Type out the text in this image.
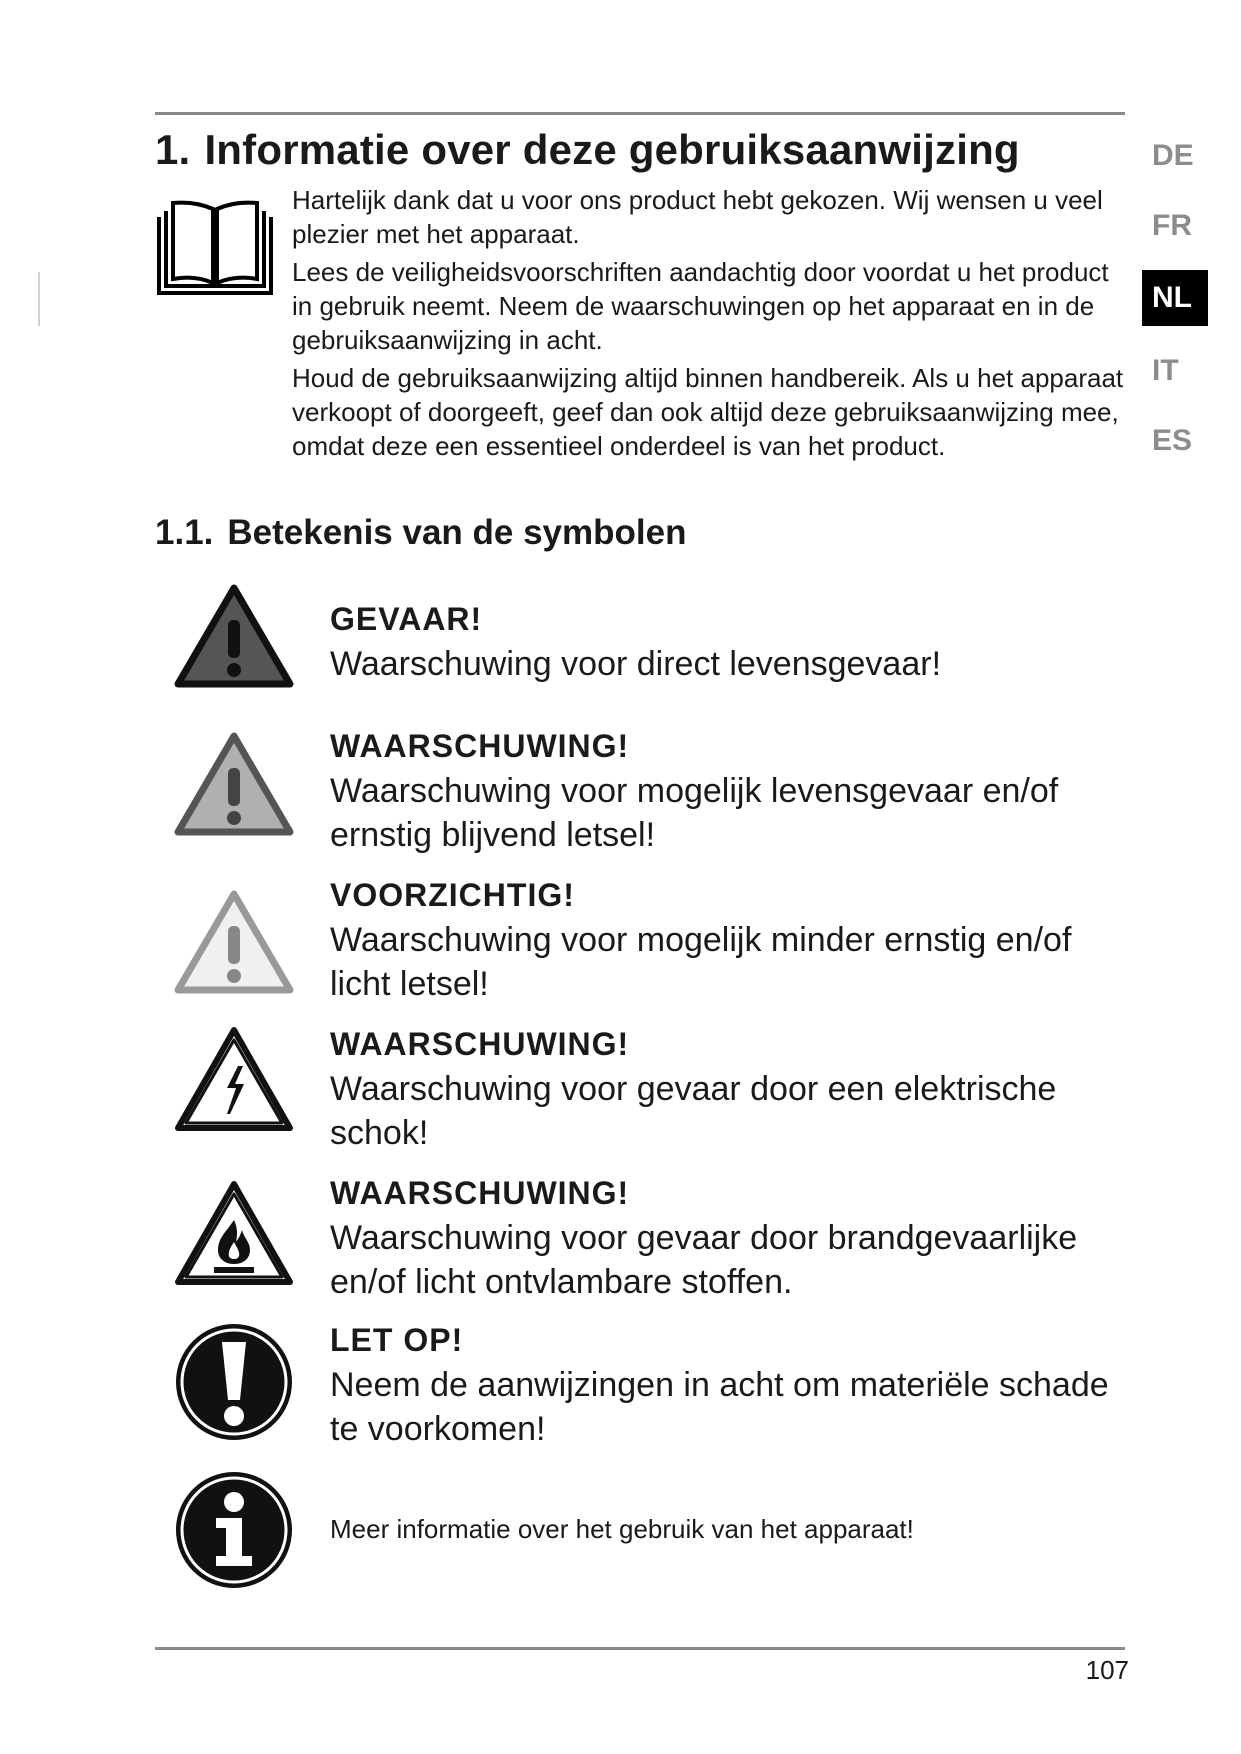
1. Informatie over deze gebruiksaanwijzing

Hartelijk dank dat u voor ons product hebt gekozen. Wij wensen u veel plezier met het apparaat.

Lees de veiligheidsvoorschriften aandachtig door voordat u het product in gebruik neemt. Neem de waarschuwingen op het apparaat en in de gebruiksaanwijzing in acht.

Houd de gebruiksaanwijzing altijd binnen handbereik. Als u het apparaat verkoopt of doorgeeft, geef dan ook altijd deze gebruiksaanwijzing mee, omdat deze een essentieel onderdeel is van het product.

DE
FR
NL
IT
ES
1.1. Betekenis van de symbolen

GEVAAR!

Waarschuwing voor direct levensgevaar!

WAARSCHUWING!

Waarschuwing voor mogelijk levensgevaar en/of ernstig blijvend letsel!

VOORZICHTIG!

Waarschuwing voor mogelijk minder ernstig en/of licht letsel!

WAARSCHUWING!

Waarschuwing voor gevaar door een elektrische schok!

WAARSCHUWING!

Waarschuwing voor gevaar door brandgevaarlijke en/of licht ontvlambare stoffen.

LET OP!

Neem de aanwijzingen in acht om materiële schade te voorkomen!

Meer informatie over het gebruik van het apparaat!

107
